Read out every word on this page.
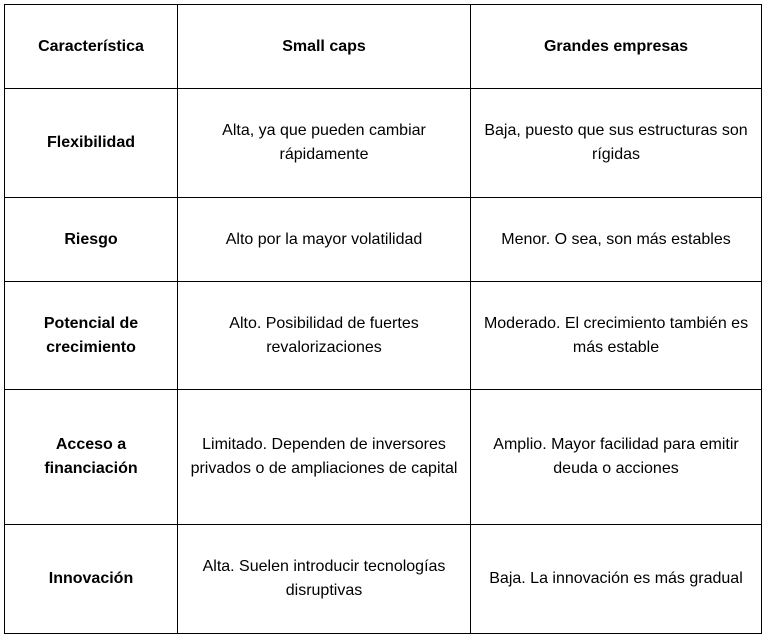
Característica	Small caps	Grandes empresas
Flexibilidad	Alta, ya que pueden cambiar rápidamente	Baja, puesto que sus estructuras son rígidas
Riesgo	Alto por la mayor volatilidad	Menor. O sea, son más estables
Potencial de crecimiento	Alto. Posibilidad de fuertes revalorizaciones	Moderado. El crecimiento también es más estable
Acceso a financiación	Limitado. Dependen de inversores privados o de ampliaciones de capital	Amplio. Mayor facilidad para emitir deuda o acciones
Innovación	Alta. Suelen introducir tecnologías disruptivas	Baja. La innovación es más gradual
